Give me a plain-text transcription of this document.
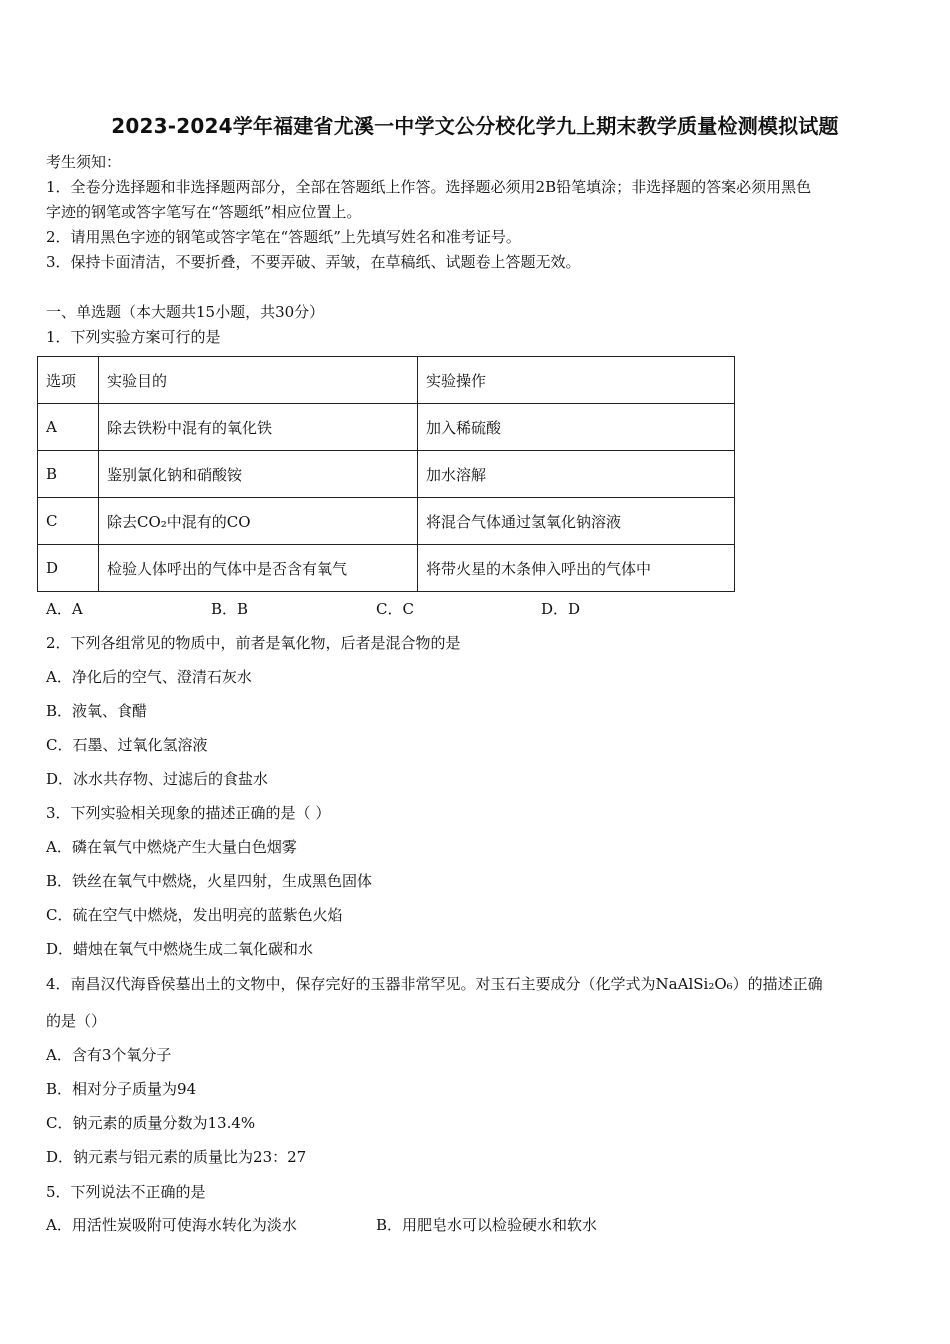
2023-2024学年福建省尤溪一中学文公分校化学九上期末教学质量检测模拟试题
考生须知：
1．全卷分选择题和非选择题两部分，全部在答题纸上作答。选择题必须用2B铅笔填涂；非选择题的答案必须用黑色
字迹的钢笔或答字笔写在“答题纸”相应位置上。
2．请用黑色字迹的钢笔或答字笔在“答题纸”上先填写姓名和准考证号。
3．保持卡面清洁，不要折叠，不要弄破、弄皱，在草稿纸、试题卷上答题无效。
一、单选题（本大题共15小题，共30分）
1．下列实验方案可行的是
选项	实验目的	实验操作
A	除去铁粉中混有的氧化铁	加入稀硫酸
B	鉴别氯化钠和硝酸铵	加水溶解
C	除去CO₂中混有的CO	将混合气体通过氢氧化钠溶液
D	检验人体呼出的气体中是否含有氧气	将带火星的木条伸入呼出的气体中
A．A	B．B	C．C	D．D
2．下列各组常见的物质中，前者是氧化物，后者是混合物的是
A．净化后的空气、澄清石灰水
B．液氧、食醋
C．石墨、过氧化氢溶液
D．冰水共存物、过滤后的食盐水
3．下列实验相关现象的描述正确的是（ ）
A．磷在氧气中燃烧产生大量白色烟雾
B．铁丝在氧气中燃烧，火星四射，生成黑色固体
C．硫在空气中燃烧，发出明亮的蓝紫色火焰
D．蜡烛在氧气中燃烧生成二氧化碳和水
4．南昌汉代海昏侯墓出土的文物中，保存完好的玉器非常罕见。对玉石主要成分（化学式为NaAlSi₂O₆）的描述正确
的是（）
A．含有3个氧分子
B．相对分子质量为94
C．钠元素的质量分数为13.4%
D．钠元素与铝元素的质量比为23：27
5．下列说法不正确的是
A．用活性炭吸附可使海水转化为淡水	B．用肥皂水可以检验硬水和软水
